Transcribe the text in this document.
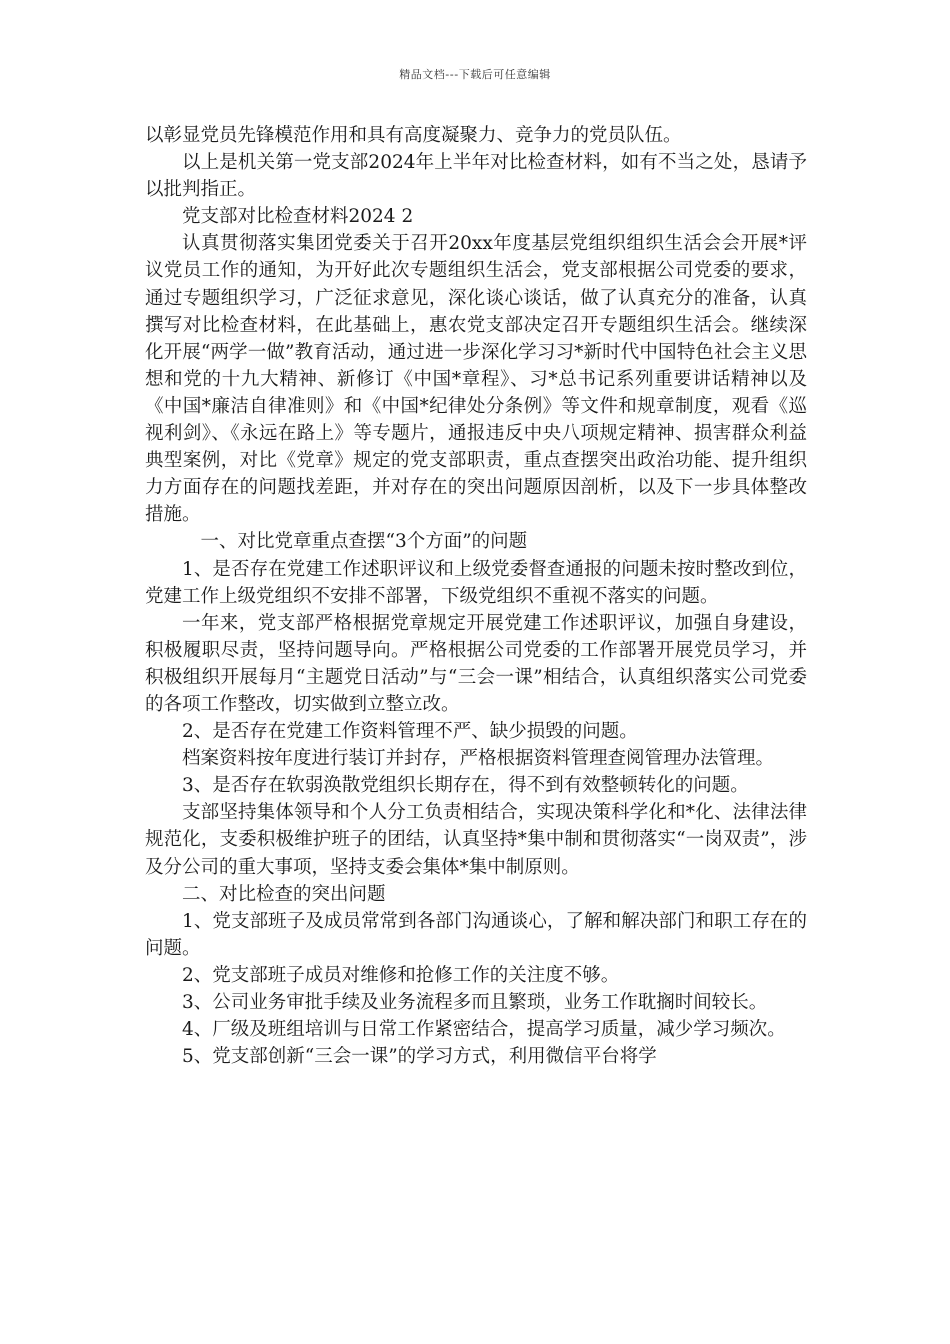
精品文档---下载后可任意编辑

以彰显党员先锋模范作用和具有高度凝聚力、竞争力的党员队伍。

以上是机关第一党支部2024年上半年对比检查材料，如有不当之处，恳请予以批判指正。

党支部对比检查材料2024 2

认真贯彻落实集团党委关于召开20xx年度基层党组织组织生活会会开展*评议党员工作的通知，为开好此次专题组织生活会，党支部根据公司党委的要求，通过专题组织学习，广泛征求意见，深化谈心谈话，做了认真充分的准备，认真撰写对比检查材料，在此基础上，惠农党支部决定召开专题组织生活会。继续深化开展“两学一做”教育活动，通过进一步深化学习习*新时代中国特色社会主义思想和党的十九大精神、新修订《中国*章程》、习*总书记系列重要讲话精神以及《中国*廉洁自律准则》和《中国*纪律处分条例》等文件和规章制度，观看《巡视利剑》、《永远在路上》等专题片，通报违反中央八项规定精神、损害群众利益典型案例，对比《党章》规定的党支部职责，重点查摆突出政治功能、提升组织力方面存在的问题找差距，并对存在的突出问题原因剖析，以及下一步具体整改措施。

一、对比党章重点查摆“3个方面”的问题

1、是否存在党建工作述职评议和上级党委督查通报的问题未按时整改到位，党建工作上级党组织不安排不部署，下级党组织不重视不落实的问题。

一年来，党支部严格根据党章规定开展党建工作述职评议，加强自身建设，积极履职尽责，坚持问题导向。严格根据公司党委的工作部署开展党员学习，并积极组织开展每月“主题党日活动”与“三会一课”相结合，认真组织落实公司党委的各项工作整改，切实做到立整立改。

2、是否存在党建工作资料管理不严、缺少损毁的问题。

档案资料按年度进行装订并封存，严格根据资料管理查阅管理办法管理。

3、是否存在软弱涣散党组织长期存在，得不到有效整顿转化的问题。

支部坚持集体领导和个人分工负责相结合，实现决策科学化和*化、法律法律规范化，支委积极维护班子的团结，认真坚持*集中制和贯彻落实“一岗双责”，涉及分公司的重大事项，坚持支委会集体*集中制原则。

二、对比检查的突出问题

1、党支部班子及成员常常到各部门沟通谈心，了解和解决部门和职工存在的问题。

2、党支部班子成员对维修和抢修工作的关注度不够。

3、公司业务审批手续及业务流程多而且繁琐，业务工作耽搁时间较长。

4、厂级及班组培训与日常工作紧密结合，提高学习质量，减少学习频次。

5、党支部创新“三会一课”的学习方式，利用微信平台将学
